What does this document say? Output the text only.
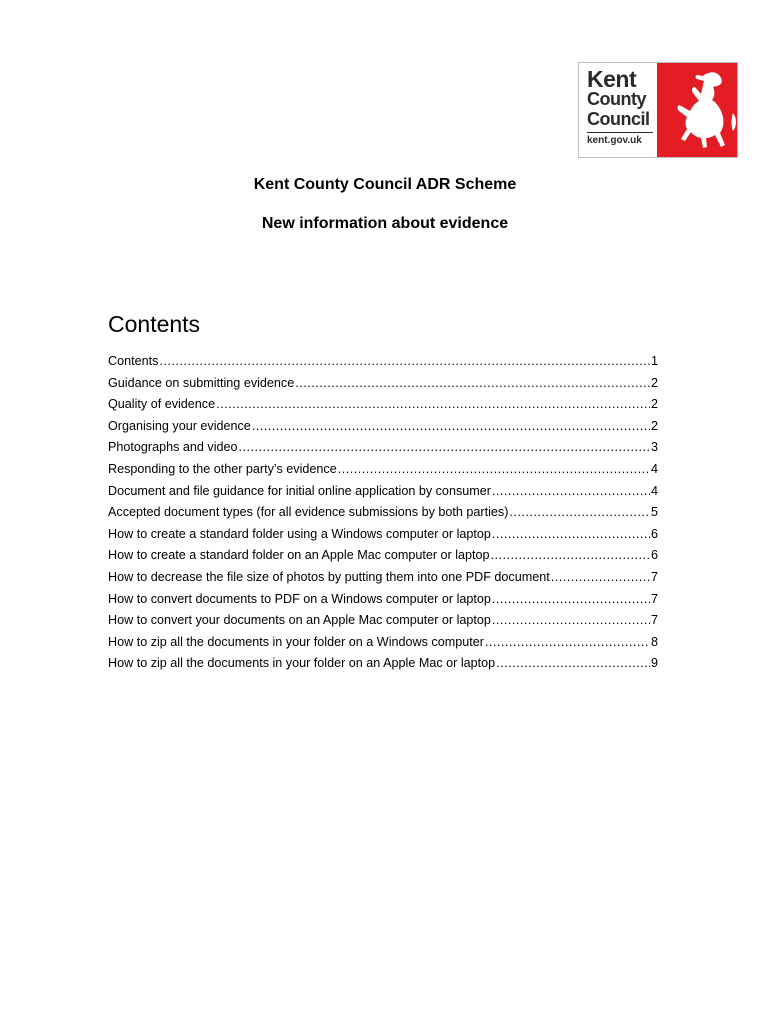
Kent
County
Council
kent.gov.uk
Kent County Council ADR Scheme
New information about evidence
Contents
Contents .....	1
Guidance on submitting evidence .....	2
Quality of evidence .....	2
Organising your evidence .....	2
Photographs and video .....	3
Responding to the other party’s evidence .....	4
Document and file guidance for initial online application by consumer .....	4
Accepted document types (for all evidence submissions by both parties) .....	5
How to create a standard folder using a Windows computer or laptop .....	6
How to create a standard folder on an Apple Mac computer or laptop .....	6
How to decrease the file size of photos by putting them into one PDF document .....	7
How to convert documents to PDF on a Windows computer or laptop .....	7
How to convert your documents on an Apple Mac computer or laptop .....	7
How to zip all the documents in your folder on a Windows computer .....	8
How to zip all the documents in your folder on an Apple Mac or laptop .....	9
